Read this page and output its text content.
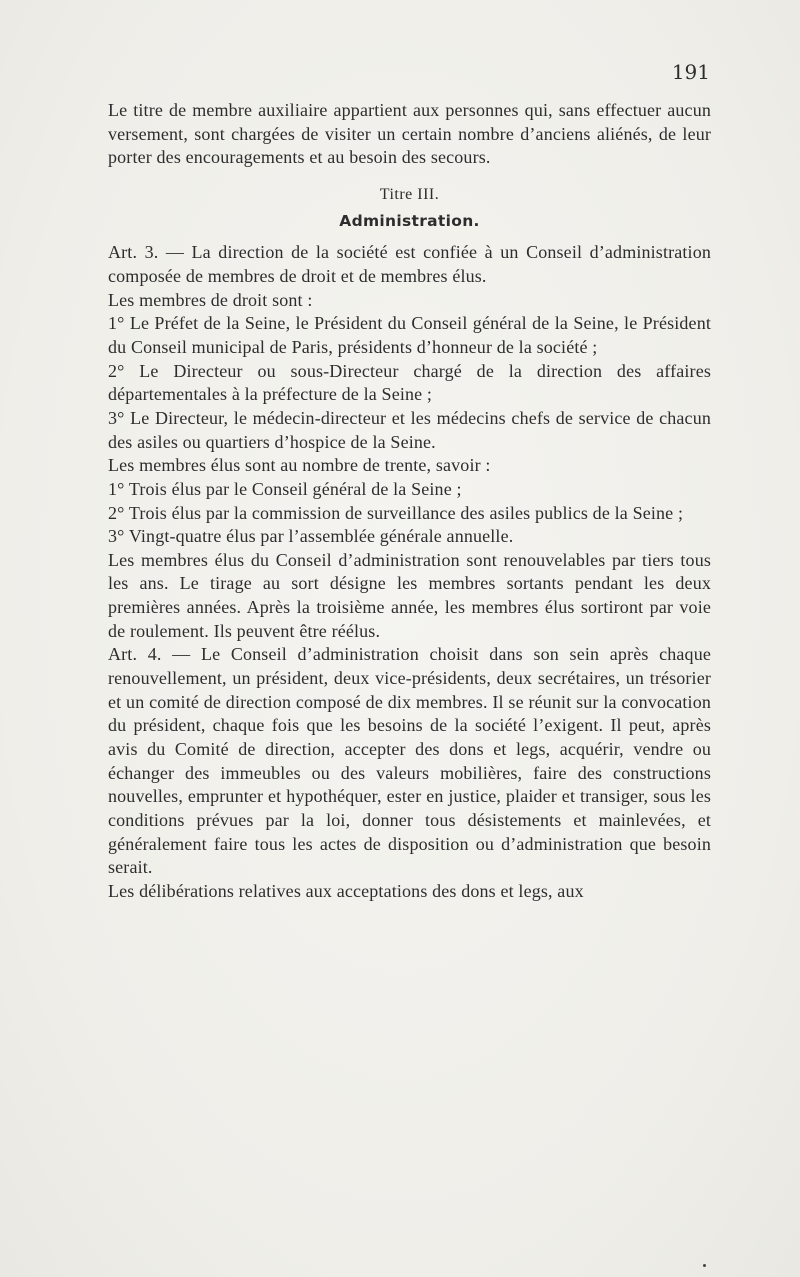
191

Le titre de membre auxiliaire appartient aux personnes qui, sans effectuer aucun versement, sont chargées de visiter un certain nombre d’anciens aliénés, de leur porter des encouragements et au besoin des secours.

Titre III.

Administration.

Art. 3. — La direction de la société est confiée à un Conseil d’administration composée de membres de droit et de membres élus.

Les membres de droit sont :

1° Le Préfet de la Seine, le Président du Conseil général de la Seine, le Président du Conseil municipal de Paris, présidents d’honneur de la société ;

2° Le Directeur ou sous-Directeur chargé de la direction des affaires départementales à la préfecture de la Seine ;

3° Le Directeur, le médecin-directeur et les médecins chefs de service de chacun des asiles ou quartiers d’hospice de la Seine.

Les membres élus sont au nombre de trente, savoir :

1° Trois élus par le Conseil général de la Seine ;

2° Trois élus par la commission de surveillance des asiles publics de la Seine ;

3° Vingt-quatre élus par l’assemblée générale annuelle.

Les membres élus du Conseil d’administration sont renouvelables par tiers tous les ans. Le tirage au sort désigne les membres sortants pendant les deux premières années. Après la troisième année, les membres élus sortiront par voie de roulement. Ils peuvent être réélus.

Art. 4. — Le Conseil d’administration choisit dans son sein après chaque renouvellement, un président, deux vice-présidents, deux secrétaires, un trésorier et un comité de direction composé de dix membres. Il se réunit sur la convocation du président, chaque fois que les besoins de la société l’exigent. Il peut, après avis du Comité de direction, accepter des dons et legs, acquérir, vendre ou échanger des immeubles ou des valeurs mobilières, faire des constructions nouvelles, emprunter et hypothéquer, ester en justice, plaider et transiger, sous les conditions prévues par la loi, donner tous désistements et mainlevées, et généralement faire tous les actes de disposition ou d’administration que besoin serait.

Les délibérations relatives aux acceptations des dons et legs, aux
